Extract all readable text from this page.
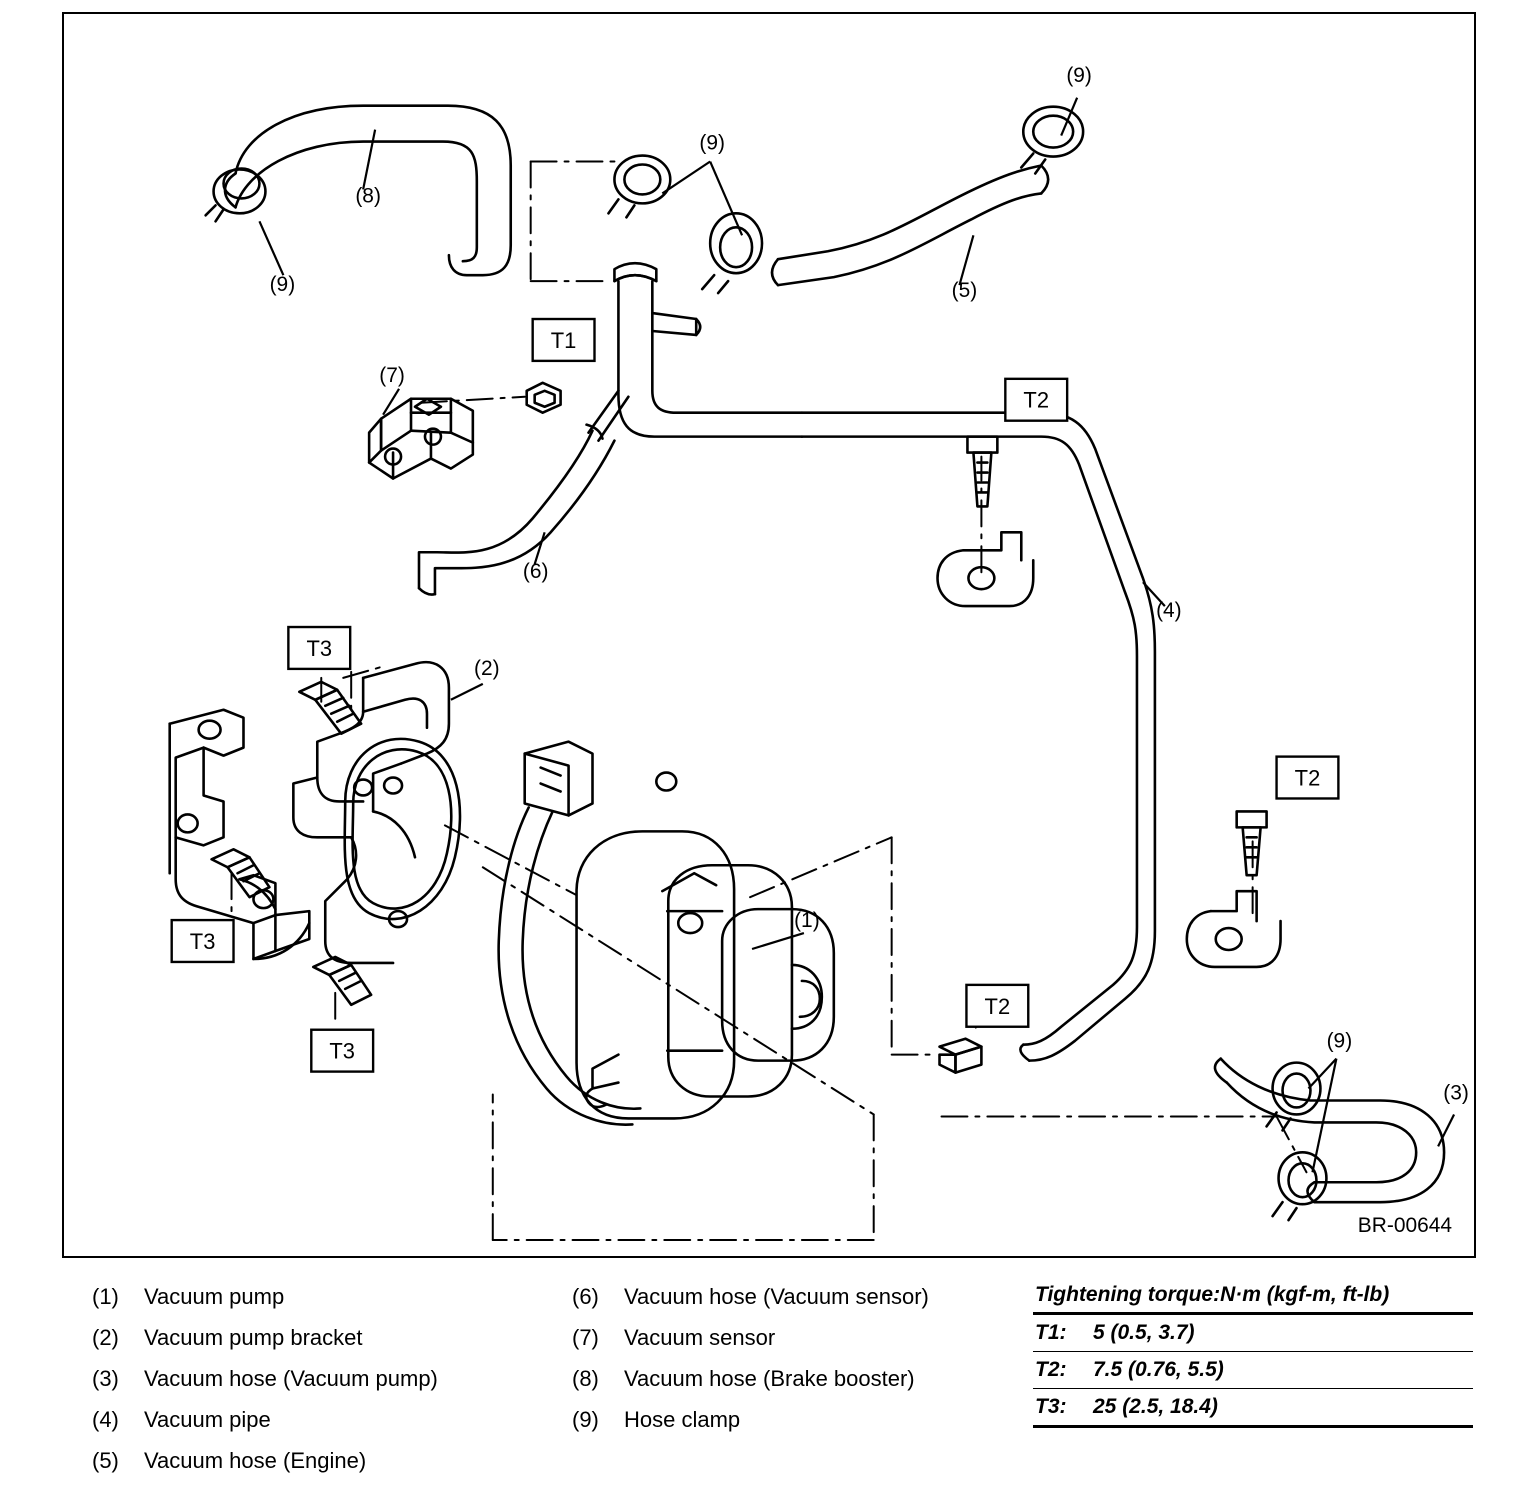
(8)
(9)
(9)
(9)
(5)
(4)
(6)
(7)
(2)
(1)
(3)
(9)
T1
T2
T2
T2
T3
T3
T3
BR-00644
(1)	Vacuum pump
(2)	Vacuum pump bracket
(3)	Vacuum hose (Vacuum pump)
(4)	Vacuum pipe
(5)	Vacuum hose (Engine)
(6)	Vacuum hose (Vacuum sensor)
(7)	Vacuum sensor
(8)	Vacuum hose (Brake booster)
(9)	Hose clamp
Tightening torque:N·m (kgf-m, ft-lb)
T1:	5 (0.5, 3.7)
T2:	7.5 (0.76, 5.5)
T3:	25 (2.5, 18.4)
